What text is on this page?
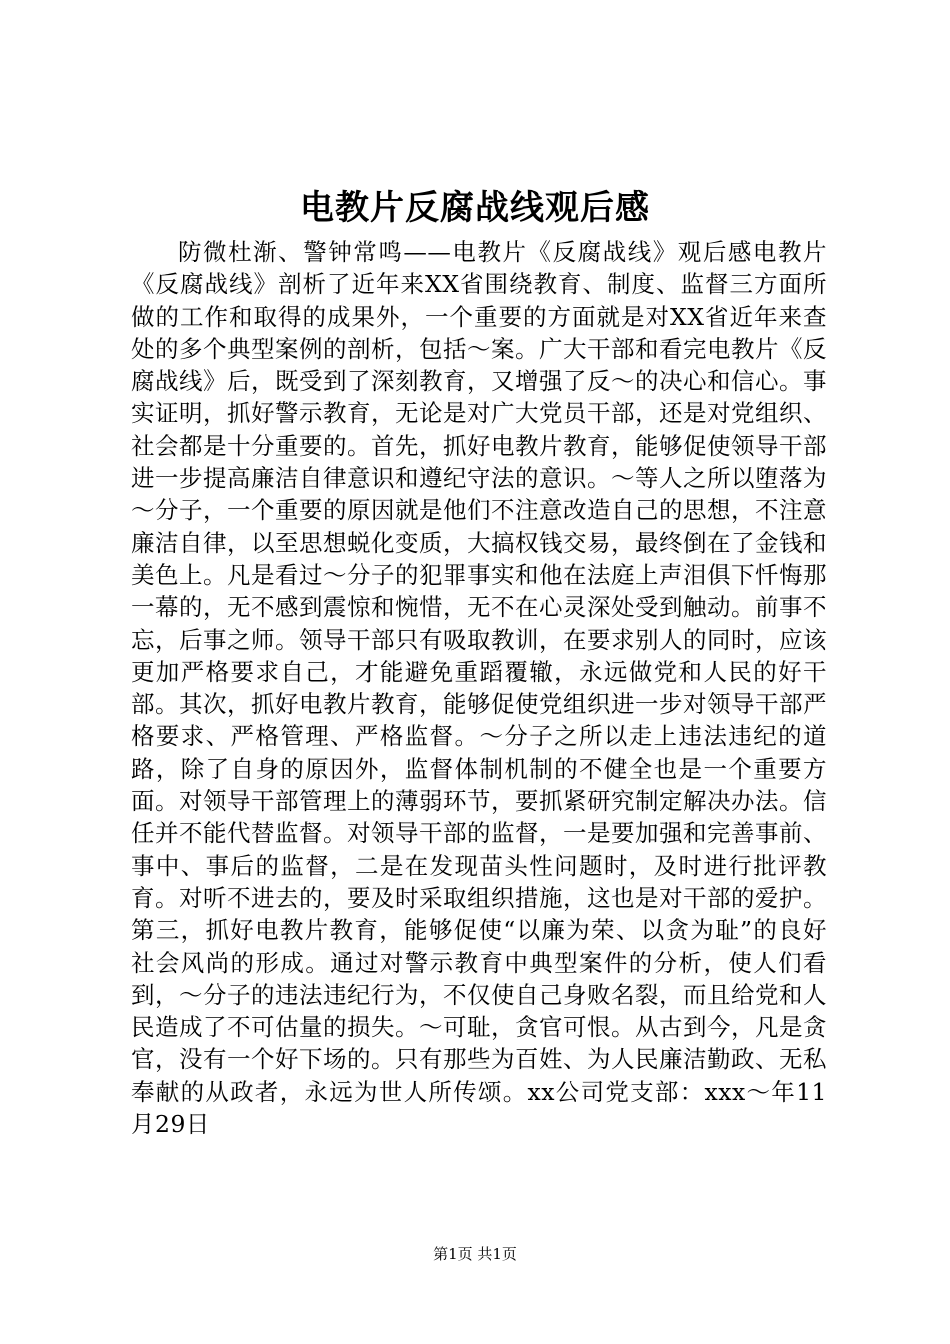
电教片反腐战线观后感

防微杜渐、警钟常鸣——电教片《反腐战线》观后感电教片《反腐战线》剖析了近年来XX省围绕教育、制度、监督三方面所做的工作和取得的成果外，一个重要的方面就是对XX省近年来查处的多个典型案例的剖析，包括～案。广大干部和看完电教片《反腐战线》后，既受到了深刻教育，又增强了反～的决心和信心。事实证明，抓好警示教育，无论是对广大党员干部，还是对党组织、社会都是十分重要的。首先，抓好电教片教育，能够促使领导干部进一步提高廉洁自律意识和遵纪守法的意识。～等人之所以堕落为～分子，一个重要的原因就是他们不注意改造自己的思想，不注意廉洁自律，以至思想蜕化变质，大搞权钱交易，最终倒在了金钱和美色上。凡是看过～分子的犯罪事实和他在法庭上声泪俱下忏悔那一幕的，无不感到震惊和惋惜，无不在心灵深处受到触动。前事不忘，后事之师。领导干部只有吸取教训，在要求别人的同时，应该更加严格要求自己，才能避免重蹈覆辙，永远做党和人民的好干部。其次，抓好电教片教育，能够促使党组织进一步对领导干部严格要求、严格管理、严格监督。～分子之所以走上违法违纪的道路，除了自身的原因外，监督体制机制的不健全也是一个重要方面。对领导干部管理上的薄弱环节，要抓紧研究制定解决办法。信任并不能代替监督。对领导干部的监督，一是要加强和完善事前、事中、事后的监督，二是在发现苗头性问题时，及时进行批评教育。对听不进去的，要及时采取组织措施，这也是对干部的爱护。第三，抓好电教片教育，能够促使“以廉为荣、以贪为耻”的良好社会风尚的形成。通过对警示教育中典型案件的分析，使人们看到，～分子的违法违纪行为，不仅使自己身败名裂，而且给党和人民造成了不可估量的损失。～可耻，贪官可恨。从古到今，凡是贪官，没有一个好下场的。只有那些为百姓、为人民廉洁勤政、无私奉献的从政者，永远为世人所传颂。xx公司党支部：xxx～年11月29日

第1页 共1页
